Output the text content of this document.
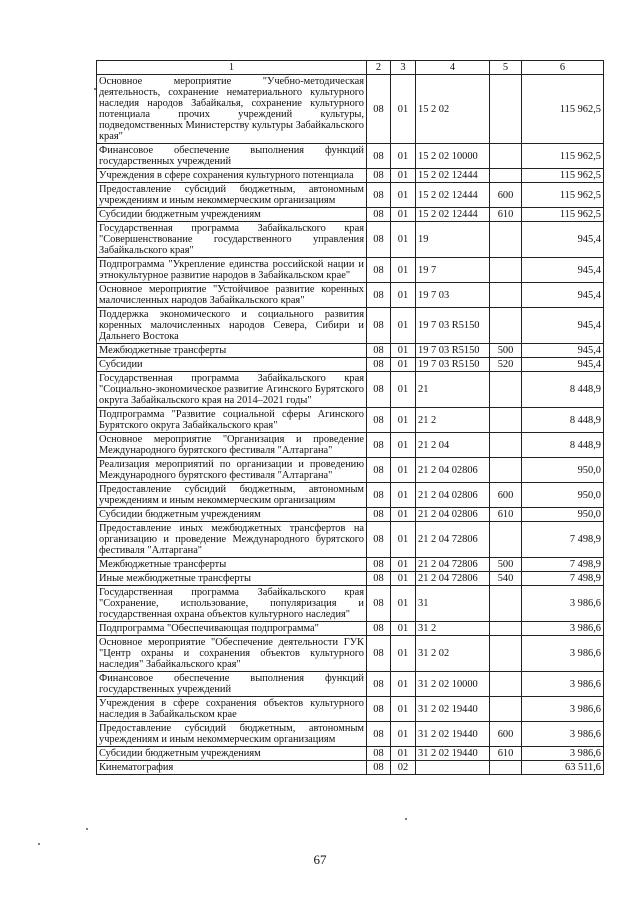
1	2	3	4	5	6
Основное мероприятие "Учебно-методическая деятельность, сохранение нематериального культурного наследия народов Забайкалья, сохранение культурного потенциала прочих учреждений культуры, подведомственных Министерству культуры Забайкальского края"	08	01	15 2 02		115 962,5
Финансовое обеспечение выполнения функций государственных учреждений	08	01	15 2 02 10000		115 962,5
Учреждения в сфере сохранения культурного потенциала	08	01	15 2 02 12444		115 962,5
Предоставление субсидий бюджетным, автономным учреждениям и иным некоммерческим организациям	08	01	15 2 02 12444	600	115 962,5
Субсидии бюджетным учреждениям	08	01	15 2 02 12444	610	115 962,5
Государственная программа Забайкальского края "Совершенствование государственного управления Забайкальского края"	08	01	19		945,4
Подпрограмма "Укрепление единства российской нации и этнокультурное развитие народов в Забайкальском крае"	08	01	19 7		945,4
Основное мероприятие "Устойчивое развитие коренных малочисленных народов Забайкальского края"	08	01	19 7 03		945,4
Поддержка экономического и социального развития коренных малочисленных народов Севера, Сибири и Дальнего Востока	08	01	19 7 03 R5150		945,4
Межбюджетные трансферты	08	01	19 7 03 R5150	500	945,4
Субсидии	08	01	19 7 03 R5150	520	945,4
Государственная программа Забайкальского края "Социально-экономическое развитие Агинского Бурятского округа Забайкальского края на 2014–2021 годы"	08	01	21		8 448,9
Подпрограмма "Развитие социальной сферы Агинского Бурятского округа Забайкальского края"	08	01	21 2		8 448,9
Основное мероприятие "Организация и проведение Международного бурятского фестиваля "Алтаргана"	08	01	21 2 04		8 448,9
Реализация мероприятий по организации и проведению Международного бурятского фестиваля "Алтаргана"	08	01	21 2 04 02806		950,0
Предоставление субсидий бюджетным, автономным учреждениям и иным некоммерческим организациям	08	01	21 2 04 02806	600	950,0
Субсидии бюджетным учреждениям	08	01	21 2 04 02806	610	950,0
Предоставление иных межбюджетных трансфертов на организацию и проведение Международного бурятского фестиваля "Алтаргана"	08	01	21 2 04 72806		7 498,9
Межбюджетные трансферты	08	01	21 2 04 72806	500	7 498,9
Иные межбюджетные трансферты	08	01	21 2 04 72806	540	7 498,9
Государственная программа Забайкальского края "Сохранение, использование, популяризация и государственная охрана объектов культурного наследия"	08	01	31		3 986,6
Подпрограмма "Обеспечивающая подпрограмма"	08	01	31 2		3 986,6
Основное мероприятие "Обеспечение деятельности ГУК "Центр охраны и сохранения объектов культурного наследия" Забайкальского края"	08	01	31 2 02		3 986,6
Финансовое обеспечение выполнения функций государственных учреждений	08	01	31 2 02 10000		3 986,6
Учреждения в сфере сохранения объектов культурного наследия в Забайкальском крае	08	01	31 2 02 19440		3 986,6
Предоставление субсидий бюджетным, автономным учреждениям и иным некоммерческим организациям	08	01	31 2 02 19440	600	3 986,6
Субсидии бюджетным учреждениям	08	01	31 2 02 19440	610	3 986,6
Кинематография	08	02			63 511,6
67
